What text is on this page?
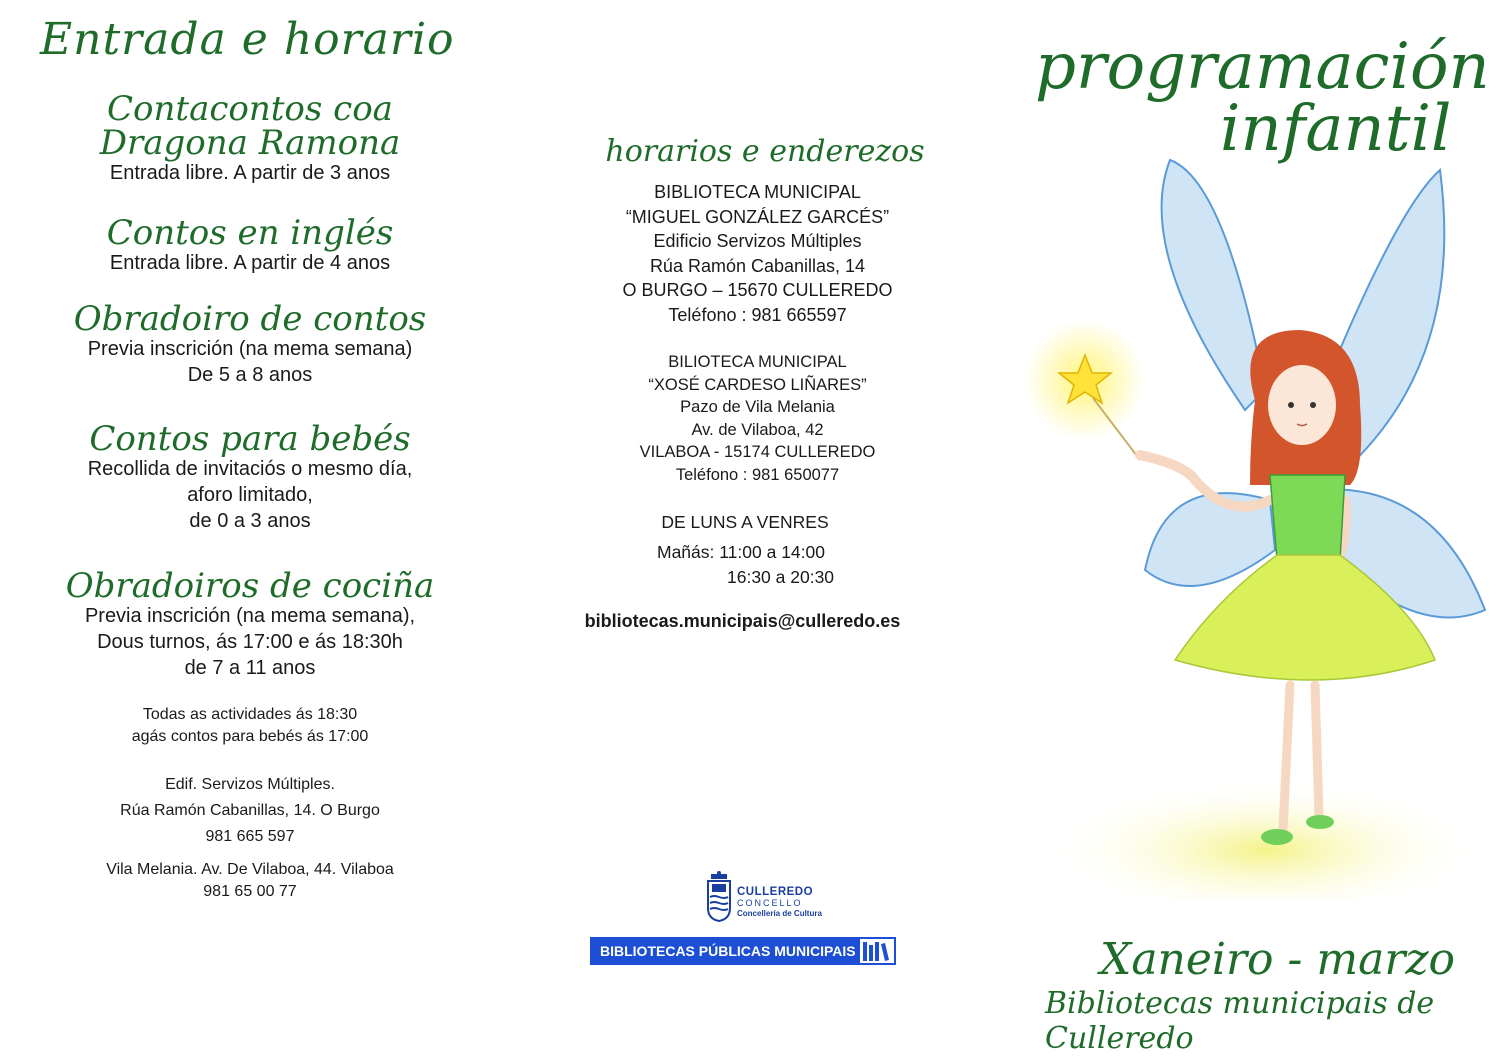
Entrada e horario
Contacontos coa
Dragona Ramona
Entrada libre. A partir de 3 anos
Contos en inglés
Entrada libre. A partir de 4 anos
Obradoiro de contos
Previa inscrición (na mema semana)
De 5 a 8 anos
Contos para bebés
Recollida de invitaciós o mesmo día,
aforo limitado,
de 0 a 3 anos
Obradoiros de cociña
Previa inscrición (na mema semana),
Dous turnos, ás 17:00 e ás 18:30h
de 7 a 11 anos
Todas as actividades ás 18:30
agás contos para bebés ás 17:00
Edif. Servizos Múltiples.
Rúa Ramón Cabanillas, 14. O Burgo
981 665 597
Vila Melania. Av. De Vilaboa, 44. Vilaboa
981 65 00 77
horarios e enderezos
BIBLIOTECA MUNICIPAL
“MIGUEL GONZÁLEZ GARCÉS”
Edificio Servizos Múltiples
Rúa Ramón Cabanillas, 14
O BURGO – 15670 CULLEREDO
Teléfono : 981 665597
BILIOTECA MUNICIPAL
“XOSÉ CARDESO LIÑARES”
Pazo de Vila Melania
Av. de Vilaboa, 42
VILABOA - 15174 CULLEREDO
Teléfono : 981 650077
DE LUNS A VENRES
Mañás: 11:00 a 14:00
16:30 a 20:30
bibliotecas.municipais@culleredo.es
CULLEREDO
CONCELLO
Concellería de Cultura
BIBLIOTECAS PÚBLICAS MUNICIPAIS
programación
infantil
Xaneiro - marzo
Bibliotecas municipais de Culleredo
